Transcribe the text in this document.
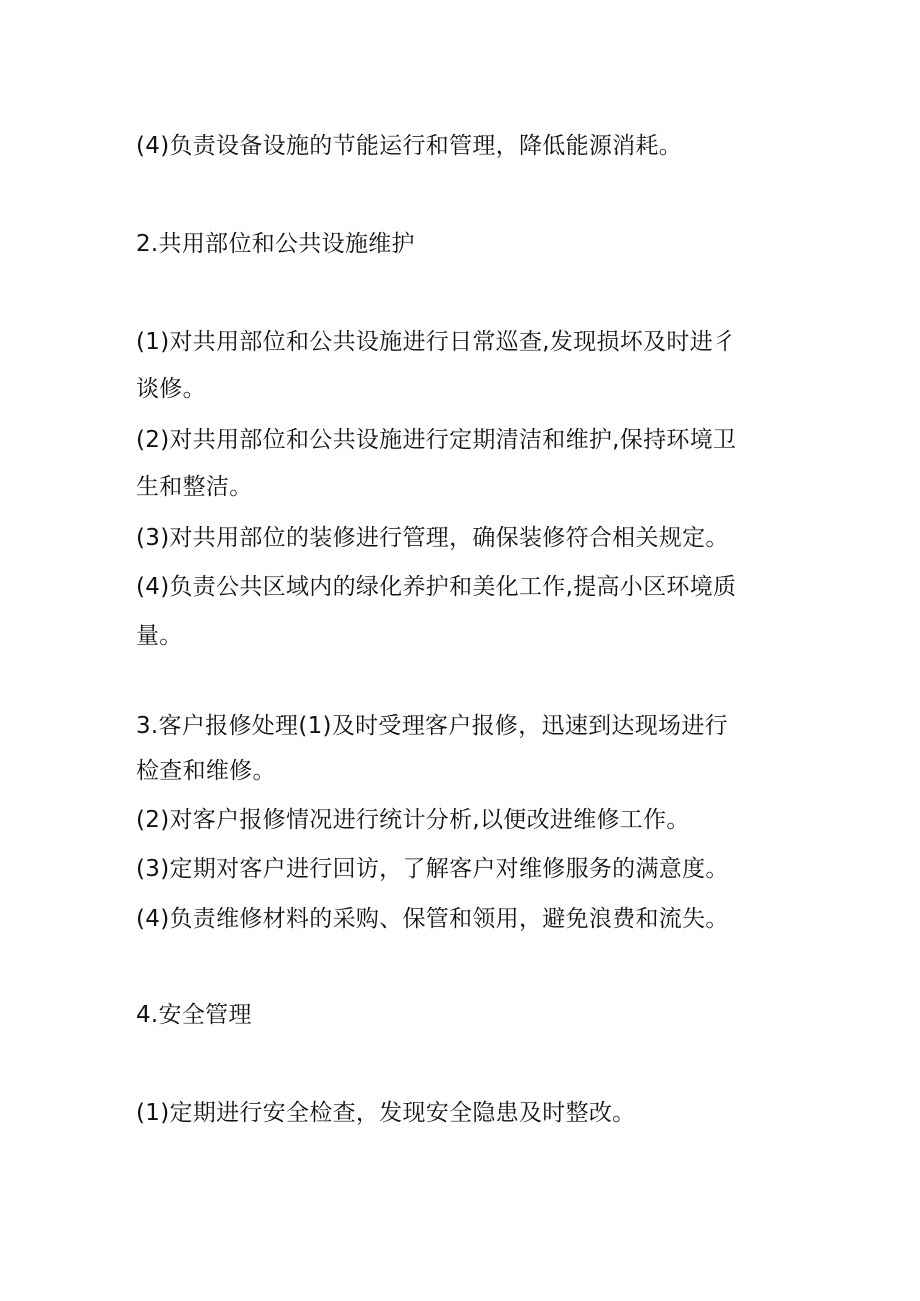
(4)负责设备设施的节能运行和管理，降低能源消耗。
2.共用部位和公共设施维护
(1)对共用部位和公共设施进行日常巡查,发现损坏及时进彳
谈修。
(2)对共用部位和公共设施进行定期清洁和维护,保持环境卫
生和整洁。
(3)对共用部位的装修进行管理，确保装修符合相关规定。
(4)负责公共区域内的绿化养护和美化工作,提高小区环境质
量。
3.客户报修处理(1)及时受理客户报修，迅速到达现场进行
检查和维修。
(2)对客户报修情况进行统计分析,以便改进维修工作。
(3)定期对客户进行回访，了解客户对维修服务的满意度。
(4)负责维修材料的采购、保管和领用，避免浪费和流失。
4.安全管理
(1)定期进行安全检查，发现安全隐患及时整改。
